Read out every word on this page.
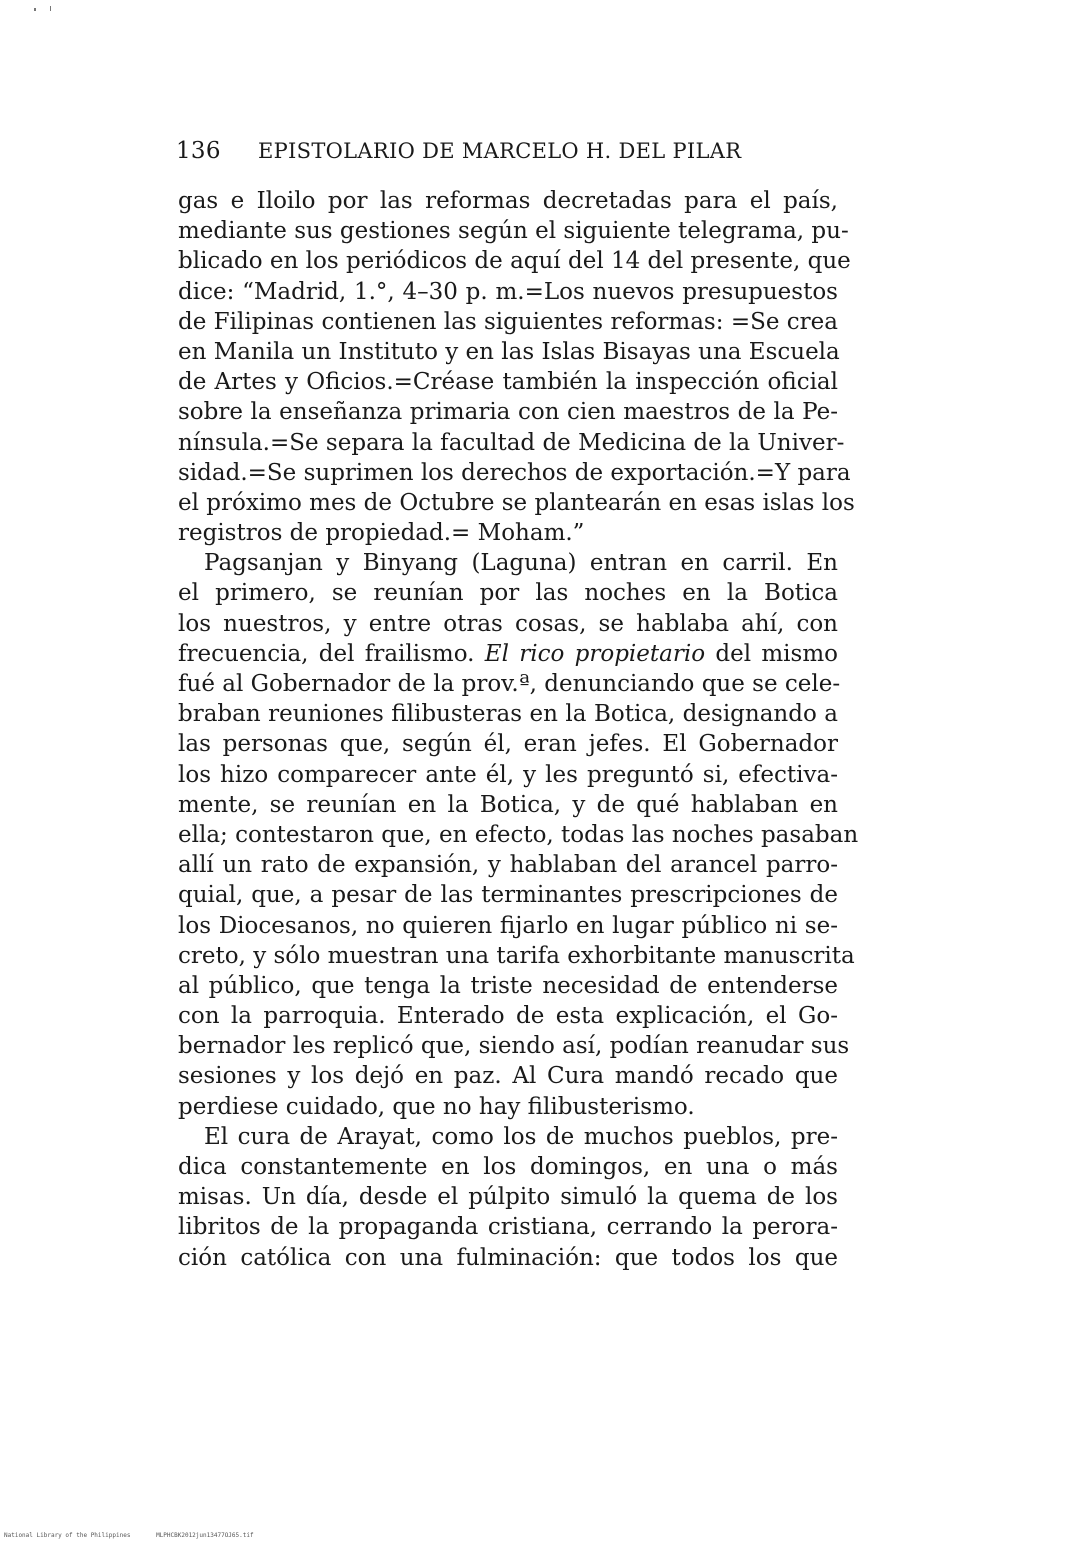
136 EPISTOLARIO DE MARCELO H. DEL PILAR
gas e Iloilo por las reformas decretadas para el país,
mediante sus gestiones según el siguiente telegrama, pu-
blicado en los periódicos de aquí del 14 del presente, que
dice: “Madrid, 1.°, 4–30 p. m.=Los nuevos presupuestos
de Filipinas contienen las siguientes reformas: =Se crea
en Manila un Instituto y en las Islas Bisayas una Escuela
de Artes y Oficios.=Créase también la inspección oficial
sobre la enseñanza primaria con cien maestros de la Pe-
nínsula.=Se separa la facultad de Medicina de la Univer-
sidad.=Se suprimen los derechos de exportación.=Y para
el próximo mes de Octubre se plantearán en esas islas los
registros de propiedad.= Moham.”
Pagsanjan y Binyang (Laguna) entran en carril. En
el primero, se reunían por las noches en la Botica
los nuestros, y entre otras cosas, se hablaba ahí, con
frecuencia, del frailismo. El rico propietario del mismo
fué al Gobernador de la prov.ª, denunciando que se cele-
braban reuniones filibusteras en la Botica, designando a
las personas que, según él, eran jefes. El Gobernador
los hizo comparecer ante él, y les preguntó si, efectiva-
mente, se reunían en la Botica, y de qué hablaban en
ella; contestaron que, en efecto, todas las noches pasaban
allí un rato de expansión, y hablaban del arancel parro-
quial, que, a pesar de las terminantes prescripciones de
los Diocesanos, no quieren fijarlo en lugar público ni se-
creto, y sólo muestran una tarifa exhorbitante manuscrita
al público, que tenga la triste necesidad de entenderse
con la parroquia. Enterado de esta explicación, el Go-
bernador les replicó que, siendo así, podían reanudar sus
sesiones y los dejó en paz. Al Cura mandó recado que
perdiese cuidado, que no hay filibusterismo.
El cura de Arayat, como los de muchos pueblos, pre-
dica constantemente en los domingos, en una o más
misas. Un día, desde el púlpito simuló la quema de los
libritos de la propaganda cristiana, cerrando la perora-
ción católica con una fulminación: que todos los que
National Library of the Philippines	MLPHCBK2012jun13477OJ65.tif
